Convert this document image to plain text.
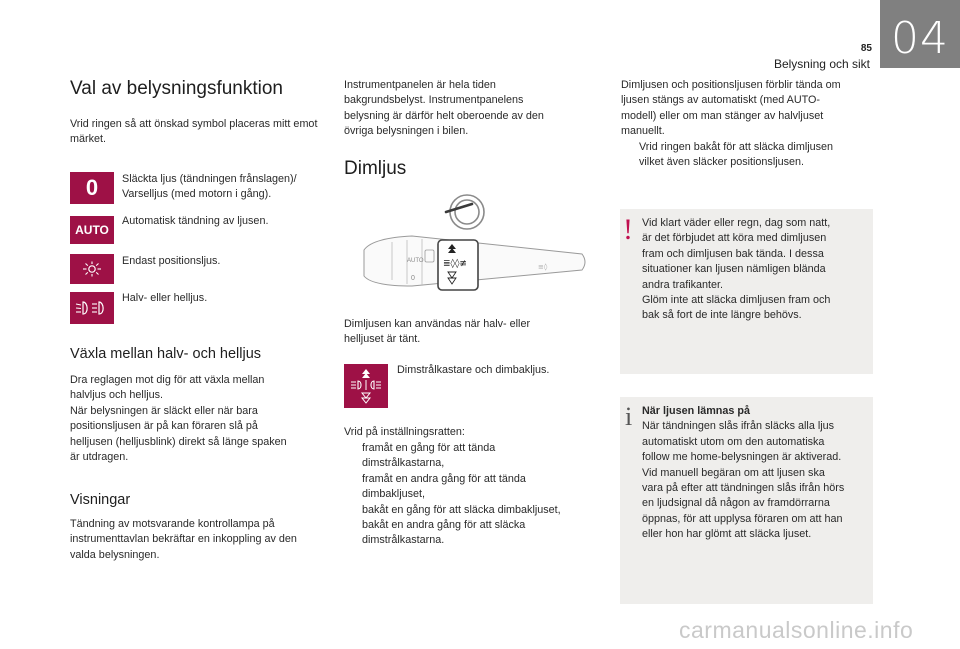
85
Belysning och sikt 04
Val av belysningsfunktion
Vrid ringen så att önskad symbol placeras mitt emot märket.
0	Släckta ljus (tändningen frånslagen)/
Varselljus (med motorn i gång).
AUTO
Automatisk tändning av ljusen.
Endast positionsljus.
Halv- eller helljus.
Växla mellan halv- och helljus
Dra reglagen mot dig för att växla mellan
halvljus och helljus.
När belysningen är släckt eller när bara
positionsljusen är på kan föraren slå på
helljusen (helljusblink) direkt så länge spaken
är utdragen.
Visningar
Tändning av motsvarande kontrollampa på
instrumenttavlan bekräftar en inkoppling av den
valda belysningen.
Instrumentpanelen är hela tiden
bakgrundsbelyst. Instrumentpanelens
belysning är därför helt oberoende av den
övriga belysningen i bilen.
Dimljus
AUTO
0
≣◊◊≢	≡◊
Dimljusen kan användas när halv- eller
helljuset är tänt.
Dimstrålkastare och dimbakljus.
Vrid på inställningsratten:
framåt en gång för att tända
dimstrålkastarna,
framåt en andra gång för att tända
dimbakljuset,
bakåt en gång för att släcka dimbakljuset,
bakåt en andra gång för att släcka
dimstrålkastarna.
Dimljusen och positionsljusen förblir tända om
ljusen stängs av automatiskt (med AUTO-
modell) eller om man stänger av halvljuset
manuellt.
Vrid ringen bakåt för att släcka dimljusen
vilket även släcker positionsljusen.
! Vid klart väder eller regn, dag som natt,
är det förbjudet att köra med dimljusen
fram och dimljusen bak tända. I dessa
situationer kan ljusen nämligen blända
andra trafikanter.
Glöm inte att släcka dimljusen fram och
bak så fort de inte längre behövs.
i När ljusen lämnas på
När tändningen slås ifrån släcks alla ljus
automatiskt utom om den automatiska
follow me home-belysningen är aktiverad.
Vid manuell begäran om att ljusen ska
vara på efter att tändningen slås ifrån hörs
en ljudsignal då någon av framdörrarna
öppnas, för att upplysa föraren om att han
eller hon har glömt att släcka ljuset.
carmanualsonline.info
